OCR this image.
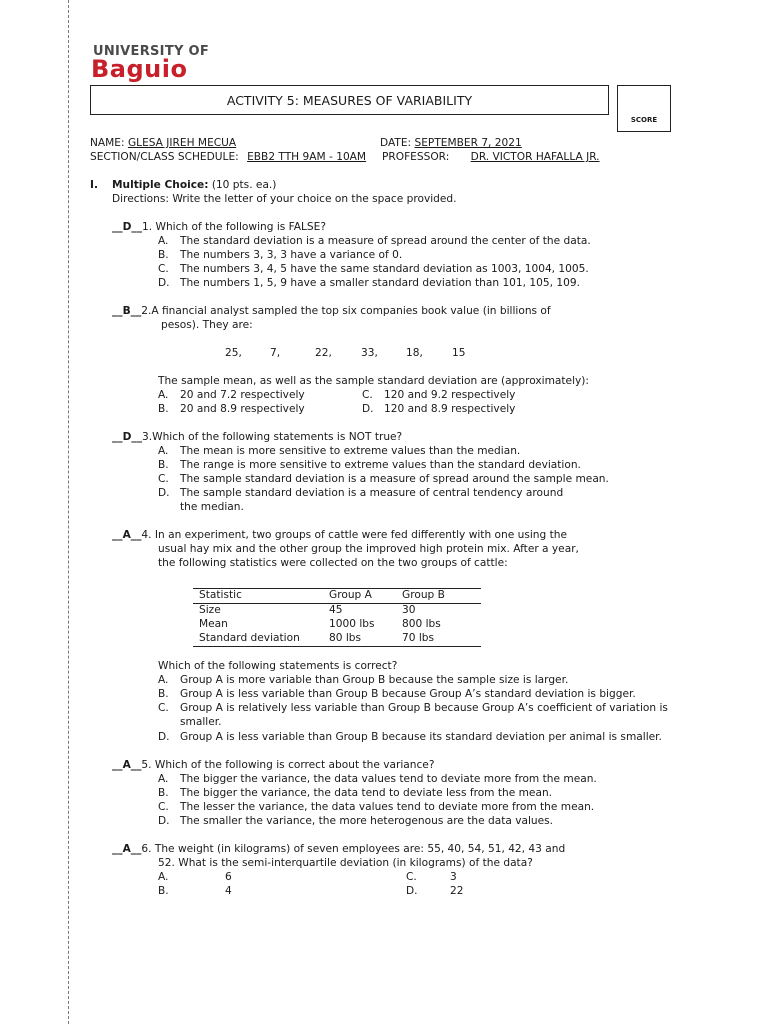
UNIVERSITY OF
Baguio
ACTIVITY 5: MEASURES OF VARIABILITY
SCORE
NAME: GLESA JIREH MECUA	DATE: SEPTEMBER 7, 2021
SECTION/CLASS SCHEDULE: EBB2 TTH 9AM - 10AM	PROFESSOR: DR. VICTOR HAFALLA JR.
I. Multiple Choice: (10 pts. ea.)
Directions: Write the letter of your choice on the space provided.
__D__1. Which of the following is FALSE?
A. The standard deviation is a measure of spread around the center of the data.
B. The numbers 3, 3, 3 have a variance of 0.
C. The numbers 3, 4, 5 have the same standard deviation as 1003, 1004, 1005.
D. The numbers 1, 5, 9 have a smaller standard deviation than 101, 105, 109.
__B__2.A financial analyst sampled the top six companies book value (in billions of
pesos). They are:
25,	7,	22,	33,	18,	15
The sample mean, as well as the sample standard deviation are (approximately):
A. 20 and 7.2 respectively	C. 120 and 9.2 respectively
B. 20 and 8.9 respectively	D. 120 and 8.9 respectively
__D__3.Which of the following statements is NOT true?
A. The mean is more sensitive to extreme values than the median.
B. The range is more sensitive to extreme values than the standard deviation.
C. The sample standard deviation is a measure of spread around the sample mean.
D. The sample standard deviation is a measure of central tendency around
the median.
__A__4. In an experiment, two groups of cattle were fed differently with one using the
usual hay mix and the other group the improved high protein mix. After a year,
the following statistics were collected on the two groups of cattle:
Statistic	Group A	Group B
Size	45	30
Mean	1000 lbs	800 lbs
Standard deviation	80 lbs	70 lbs
Which of the following statements is correct?
A. Group A is more variable than Group B because the sample size is larger.
B. Group A is less variable than Group B because Group A’s standard deviation is bigger.
C. Group A is relatively less variable than Group B because Group A’s coefficient of variation is
smaller.
D. Group A is less variable than Group B because its standard deviation per animal is smaller.
__A__5. Which of the following is correct about the variance?
A. The bigger the variance, the data values tend to deviate more from the mean.
B. The bigger the variance, the data tend to deviate less from the mean.
C. The lesser the variance, the data values tend to deviate more from the mean.
D. The smaller the variance, the more heterogenous are the data values.
__A__6. The weight (in kilograms) of seven employees are: 55, 40, 54, 51, 42, 43 and
52. What is the semi-interquartile deviation (in kilograms) of the data?
A.	6	C.	3
B.	4	D.	22
